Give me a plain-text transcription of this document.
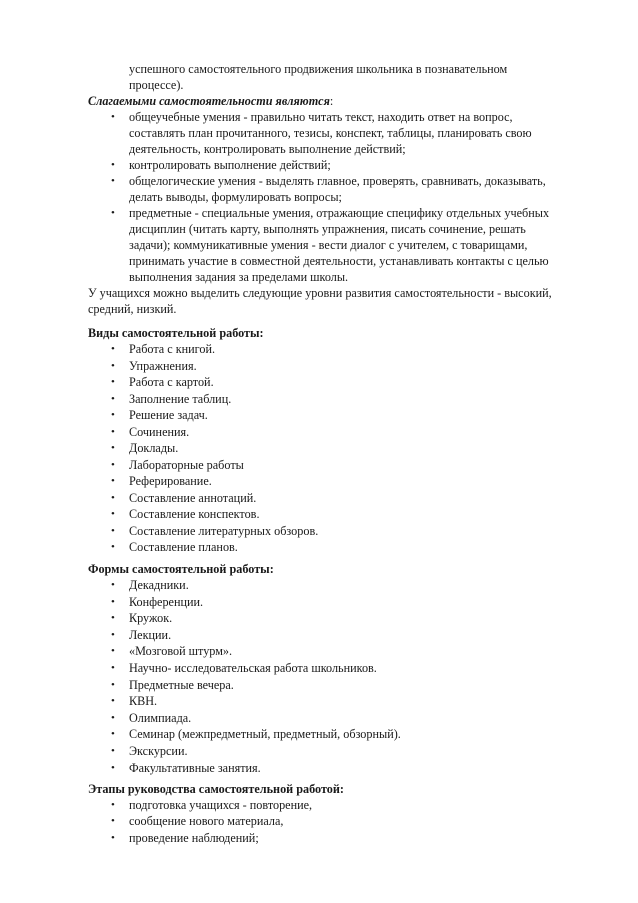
успешного самостоятельного продвижения школьника в познавательном
процессе).
Слагаемыми самостоятельности являются:
• общеучебные умения - правильно читать текст, находить ответ на вопрос,
составлять план прочитанного, тезисы, конспект, таблицы, планировать свою
деятельность, контролировать выполнение действий;
• контролировать выполнение действий;
• общелогические умения - выделять главное, проверять, сравнивать, доказывать,
делать выводы, формулировать вопросы;
• предметные - специальные умения, отражающие специфику отдельных учебных
дисциплин (читать карту, выполнять упражнения, писать сочинение, решать
задачи); коммуникативные умения - вести диалог с учителем, с товарищами,
принимать участие в совместной деятельности, устанавливать контакты с целью
выполнения задания за пределами школы.
У учащихся можно выделить следующие уровни развития самостоятельности - высокий,
средний, низкий.
Виды самостоятельной работы:
• Работа с книгой.
• Упражнения.
• Работа с картой.
• Заполнение таблиц.
• Решение задач.
• Сочинения.
• Доклады.
• Лабораторные работы
• Реферирование.
• Составление аннотаций.
• Составление конспектов.
• Составление литературных обзоров.
• Составление планов.
Формы самостоятельной работы:
• Декадники.
• Конференции.
• Кружок.
• Лекции.
• «Мозговой штурм».
• Научно- исследовательская работа школьников.
• Предметные вечера.
• КВН.
• Олимпиада.
• Семинар (межпредметный, предметный, обзорный).
• Экскурсии.
• Факультативные занятия.
Этапы руководства самостоятельной работой:
• подготовка учащихся - повторение,
• сообщение нового материала,
• проведение наблюдений;
